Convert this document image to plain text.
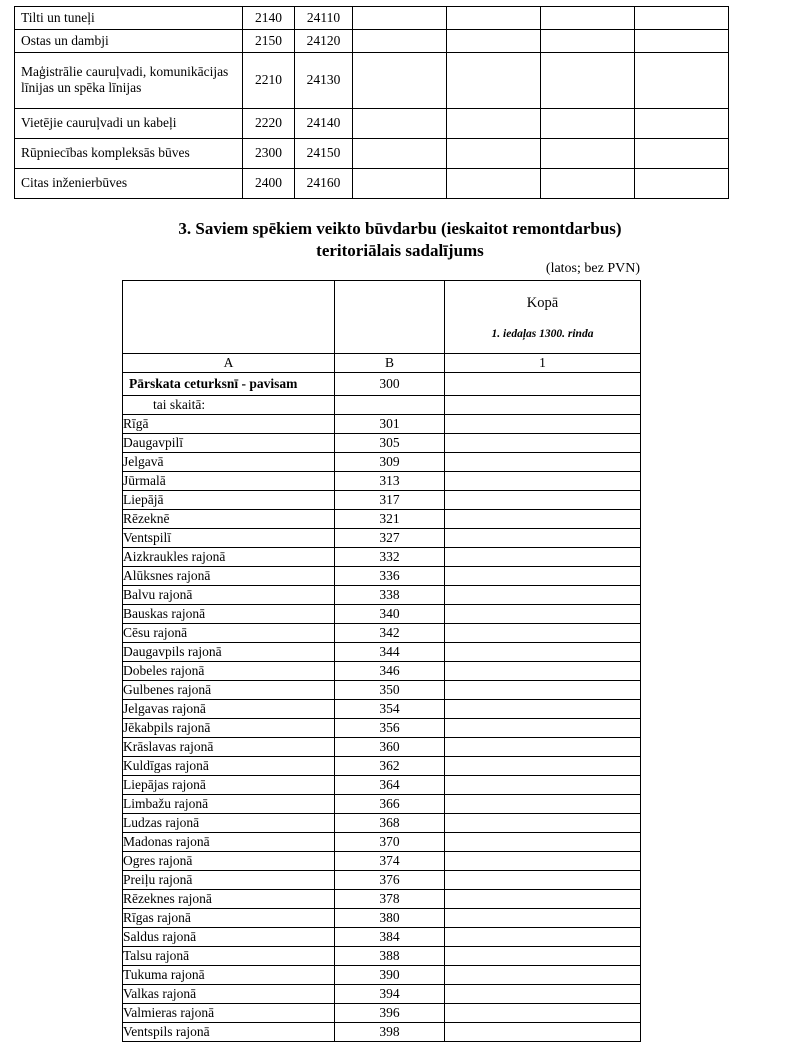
Tilti un tuneļi	2140	24110				
Ostas un dambji	2150	24120				
Maģistrālie cauruļvadi, komunikācijas līnijas un spēka līnijas	2210	24130				
Vietējie cauruļvadi un kabeļi	2220	24140				
Rūpniecības kompleksās būves	2300	24150				
Citas inženierbūves	2400	24160				
3. Saviem spēkiem veikto būvdarbu (ieskaitot remontdarbus)
teritoriālais sadalījums
(latos; bez PVN)

		Kopā
1. iedaļas 1300. rinda

A	B	1
Pārskata ceturksnī - pavisam	300	
tai skaitā:		
Rīgā	301	
Daugavpilī	305	
Jelgavā	309	
Jūrmalā	313	
Liepājā	317	
Rēzeknē	321	
Ventspilī	327	
Aizkraukles rajonā	332	
Alūksnes rajonā	336	
Balvu rajonā	338	
Bauskas rajonā	340	
Cēsu rajonā	342	
Daugavpils rajonā	344	
Dobeles rajonā	346	
Gulbenes rajonā	350	
Jelgavas rajonā	354	
Jēkabpils rajonā	356	
Krāslavas rajonā	360	
Kuldīgas rajonā	362	
Liepājas rajonā	364	
Limbažu rajonā	366	
Ludzas rajonā	368	
Madonas rajonā	370	
Ogres rajonā	374	
Preiļu rajonā	376	
Rēzeknes rajonā	378	
Rīgas rajonā	380	
Saldus rajonā	384	
Talsu rajonā	388	
Tukuma rajonā	390	
Valkas rajonā	394	
Valmieras rajonā	396	
Ventspils rajonā	398	
